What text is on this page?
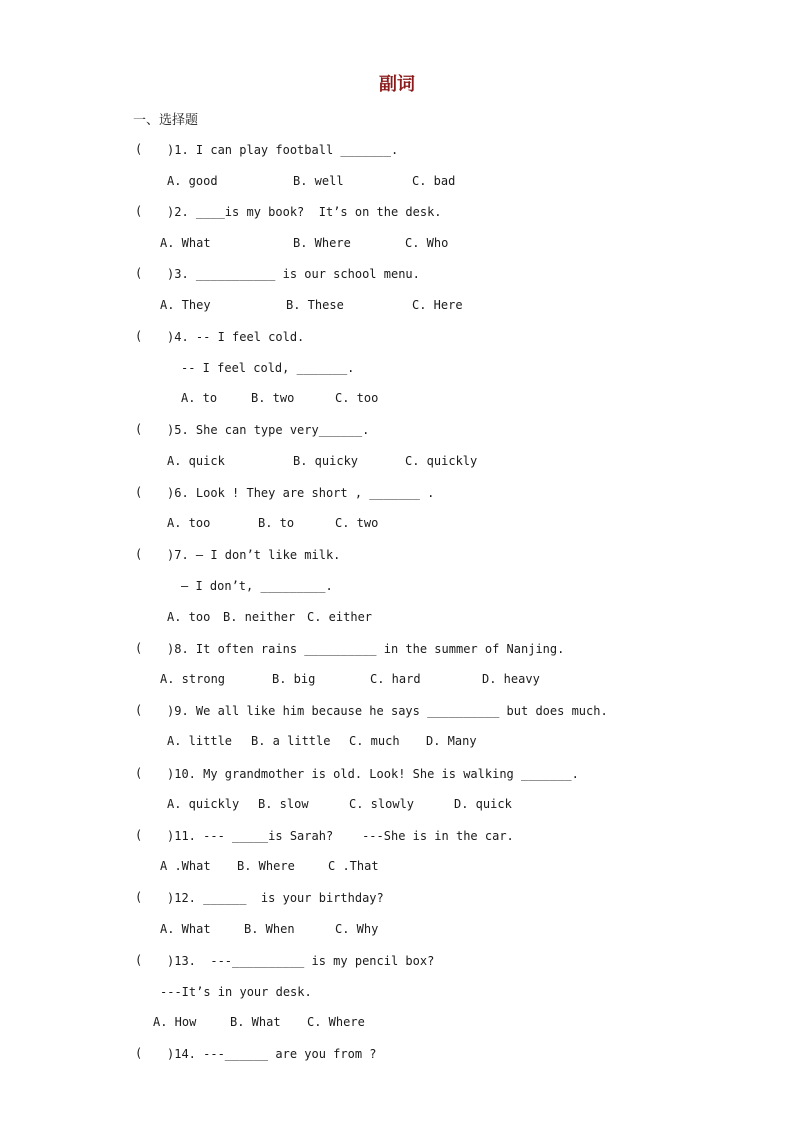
副词
一、选择题
( )1. I can play football _______.
A. good	B. well	C. bad
( )2. ____is my book?  It’s on the desk.
A. What	B. Where	C. Who
( )3. ___________ is our school menu.
A. They	B. These	C. Here
( )4. -- I feel cold.
-- I feel cold, _______.
A. to	B. two	C. too
( )5. She can type very______.
A. quick	B. quicky	C. quickly
( )6. Look ! They are short , _______ .
A. too	B. to	C. two
( )7. — I don’t like milk.
— I don’t, _________.
A. too B. neither C. either
( )8. It often rains __________ in the summer of Nanjing.
A. strong	B. big	C. hard	D. heavy
( )9. We all like him because he says __________ but does much.
A. little B. a little C. much D. Many
( )10. My grandmother is old. Look! She is walking _______.
A. quickly B. slow	C. slowly	D. quick
( )11. --- _____is Sarah?    ---She is in the car.
A .What B. Where	C .That
( )12. ______  is your birthday?
A. What	B. When	C. Why
( )13.  ---__________ is my pencil box?
---It’s in your desk.
A. How	B. What C. Where
( )14. ---______ are you from ?
